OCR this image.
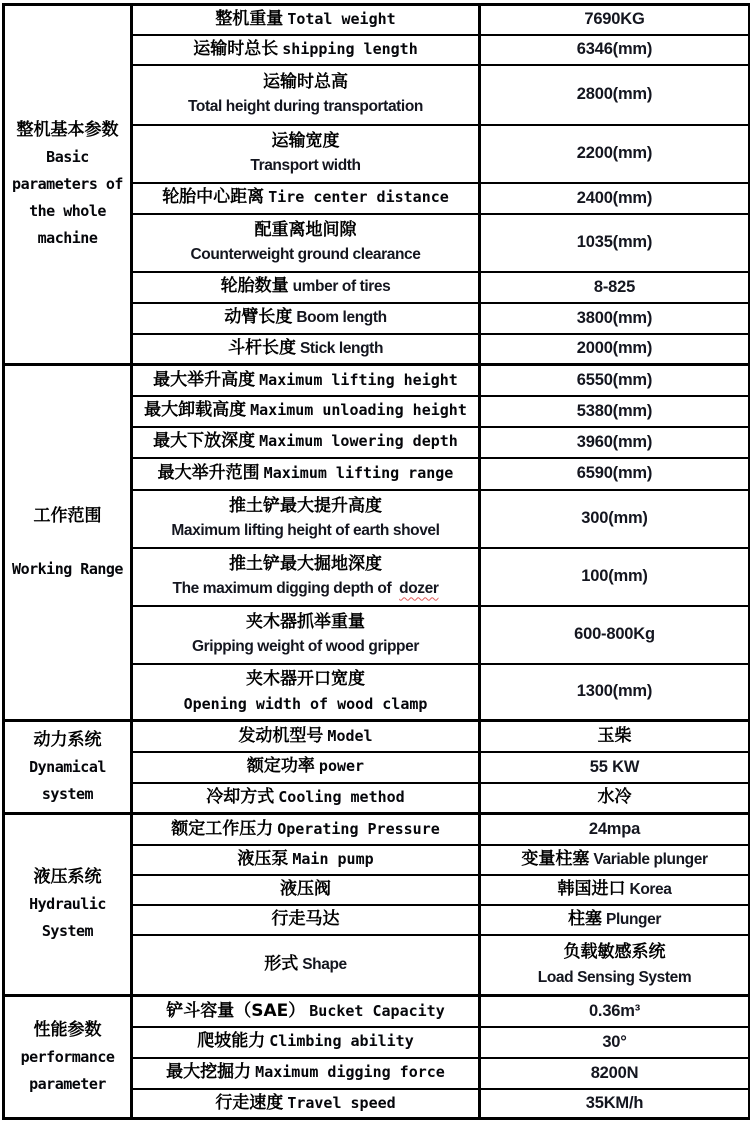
整机基本参数
Basic
parameters of
the whole
machine	整机重量 Total weight	7690KG
	运输时总长 shipping length	6346(mm)
	运输时总高
Total height during transportation	2800(mm)
	运输宽度
Transport width	2200(mm)
	轮胎中心距离 Tire center distance	2400(mm)
	配重离地间隙
Counterweight ground clearance	1035(mm)
	轮胎数量 umber of tires	8-825
	动臂长度 Boom length	3800(mm)
	斗杆长度 Stick length	2000(mm)

工作范围
Working Range	最大举升高度 Maximum lifting height	6550(mm)
	最大卸载高度 Maximum unloading height	5380(mm)
	最大下放深度 Maximum lowering depth	3960(mm)
	最大举升范围 Maximum lifting range	6590(mm)
	推土铲最大提升高度
Maximum lifting height of earth shovel	300(mm)
	推土铲最大掘地深度
The maximum digging depth of  dozer	100(mm)
	夹木器抓举重量
Gripping weight of wood gripper	600-800Kg
	夹木器开口宽度
Opening width of wood clamp	1300(mm)

动力系统
Dynamical
system	发动机型号 Model	玉柴
	额定功率 power	55 KW
	冷却方式 Cooling method	水冷

液压系统
Hydraulic
System	额定工作压力 Operating Pressure	24mpa
	液压泵 Main pump	变量柱塞 Variable plunger
	液压阀	韩国进口 Korea
	行走马达	柱塞 Plunger
	形式 Shape	负载敏感系统
Load Sensing System

性能参数
performance
parameter	铲斗容量（SAE） Bucket Capacity	0.36m³
	爬坡能力 Climbing ability	30°
	最大挖掘力 Maximum digging force	8200N
	行走速度 Travel speed	35KM/h
